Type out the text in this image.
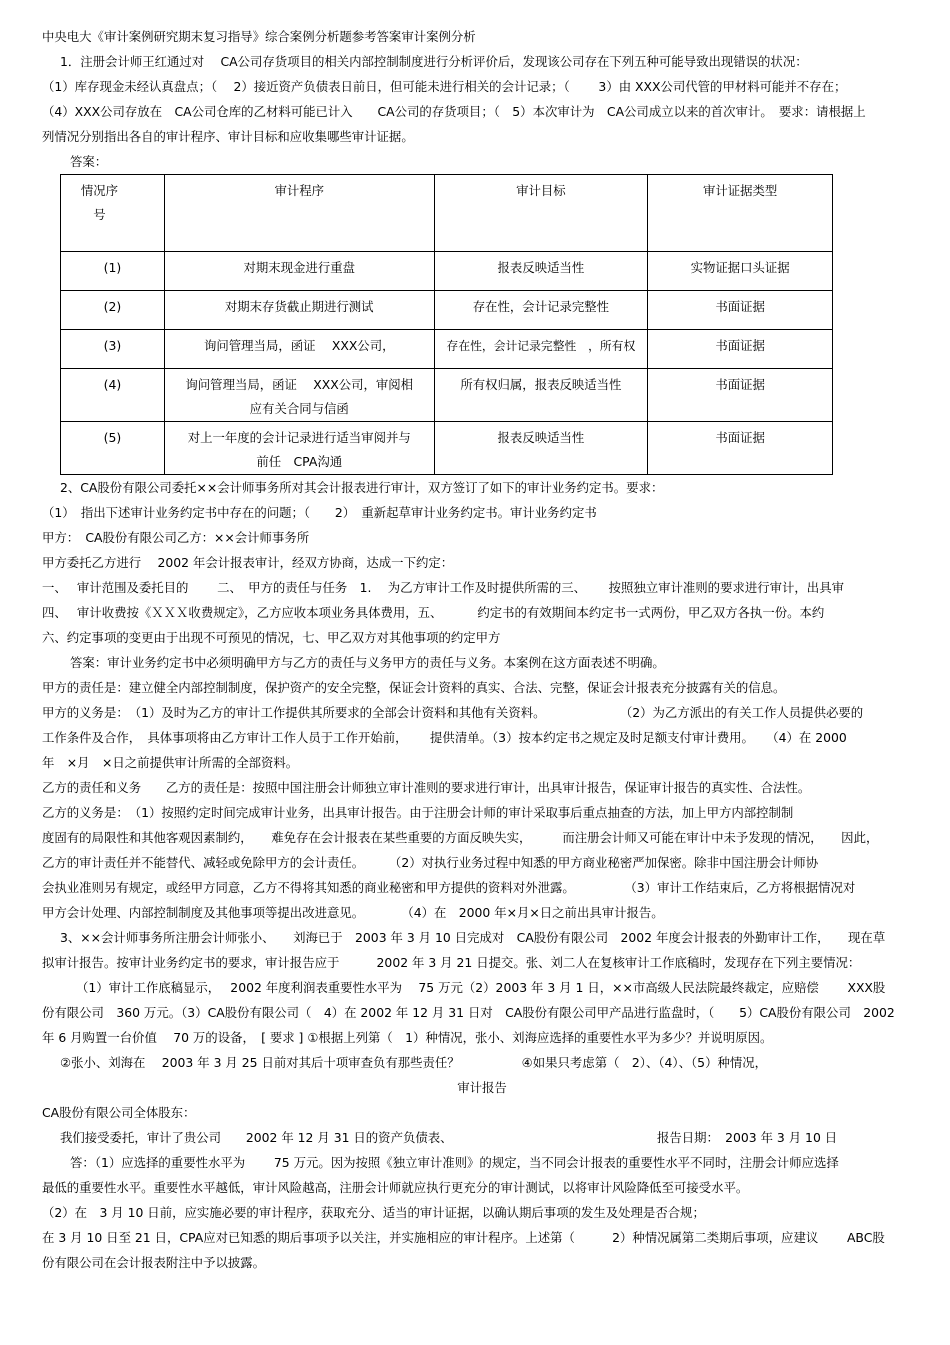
中央电大《审计案例研究期末复习指导》综合案例分析题参考答案审计案例分析

1．注册会计师王红通过对　 CA公司存货项目的相关内部控制制度进行分析评价后，发现该公司存在下列五种可能导致出现错误的状况：

（1）库存现金未经认真盘点；（　 2）接近资产负债表日前日，但可能未进行相关的会计记录；（　　 3）由 XXX公司代管的甲材料可能并不存在；

（4）XXX公司存放在　CA公司仓库的乙材料可能已计入　　CA公司的存货项目；（　5）本次审计为　CA公司成立以来的首次审计。　要求：请根据上

列情况分别指出各自的审计程序、审计目标和应收集哪些审计证据。

答案：

情况序号	审计程序	审计目标	审计证据类型
(1)	对期末现金进行重盘	报表反映适当性	实物证据口头证据
(2)	对期末存货截止期进行测试	存在性，会计记录完整性	书面证据
(3)	询问管理当局，函证　 XXX公司，	存在性，会计记录完整性　，所有权	书面证据
(4)	询问管理当局，函证　 XXX公司，审阅相应有关合同与信函	所有权归属，报表反映适当性	书面证据
(5)	对上一年度的会计记录进行适当审阅并与前任　CPA沟通	报表反映适当性	书面证据

2、CA股份有限公司委托××会计师事务所对其会计报表进行审计，双方签订了如下的审计业务约定书。要求：

（1）　指出下述审计业务约定书中存在的问题；（　　2）　重新起草审计业务约定书。审计业务约定书

甲方：　CA股份有限公司乙方：××会计师事务所

甲方委托乙方进行　 2002 年会计报表审计，经双方协商，达成一下约定：

一、　 审计范围及委托目的　　 二、　甲方的责任与任务　1.　 为乙方审计工作及时提供所需的三、　　 按照独立审计准则的要求进行审计，出具审

四、　 审计收费按《ＸＸＸ收费规定》，乙方应收本项业务具体费用，五、　　　 约定书的有效期间本约定书一式两份，甲乙双方各执一份。本约

六、约定事项的变更由于出现不可预见的情况，七、甲乙双方对其他事项的约定甲方

答案：审计业务约定书中必须明确甲方与乙方的责任与义务甲方的责任与义务。本案例在这方面表述不明确。

甲方的责任是：建立健全内部控制制度，保护资产的安全完整，保证会计资料的真实、合法、完整，保证会计报表充分披露有关的信息。

甲方的义务是：　（1）及时为乙方的审计工作提供其所要求的全部会计资料和其他有关资料。　　　　　　　（2）为乙方派出的有关工作人员提供必要的

工作条件及合作，　具体事项将由乙方审计工作人员于工作开始前，　　 提供清单。（3）按本约定书之规定及时足额支付审计费用。　　（4）在 2000

年　×月　×日之前提供审计所需的全部资料。

乙方的责任和义务　　乙方的责任是：按照中国注册会计师独立审计准则的要求进行审计，出具审计报告，保证审计报告的真实性、合法性。

乙方的义务是：　（1）按照约定时间完成审计业务，出具审计报告。由于注册会计师的审计采取事后重点抽查的方法，加上甲方内部控制制

度固有的局限性和其他客观因素制约，　　难免存在会计报表在某些重要的方面反映失实，　　　而注册会计师又可能在审计中未予发现的情况，　　因此，

乙方的审计责任并不能替代、减轻或免除甲方的会计责任。　　　（2）对执行业务过程中知悉的甲方商业秘密严加保密。除非中国注册会计师协

会执业准则另有规定，或经甲方同意，乙方不得将其知悉的商业秘密和甲方提供的资料对外泄露。　　　　　（3）审计工作结束后，乙方将根据情况对

甲方会计处理、内部控制制度及其他事项等提出改进意见。　　　　（4）在　2000 年×月×日之前出具审计报告。

3、××会计师事务所注册会计师张小、　　刘海已于　2003 年 3 月 10 日完成对　CA股份有限公司　2002 年度会计报表的外勤审计工作，　　现在草

拟审计报告。按审计业务约定书的要求，审计报告应于　　　2002 年 3 月 21 日提交。张、刘二人在复核审计工作底稿时，发现存在下列主要情况：

（1）审计工作底稿显示，　 2002 年度利润表重要性水平为　 75 万元（2）2003 年 3 月 1 日，××市高级人民法院最终裁定，应赔偿　　 XXX股

份有限公司　360 万元。（3）CA股份有限公司（　4）在 2002 年 12 月 31 日对　CA股份有限公司甲产品进行监盘时，（　　5）CA股份有限公司　2002

年 6 月购置一台价值　 70 万的设备，　[ 要求 ] ①根据上列第（　1）种情况，张小、刘海应选择的重要性水平为多少？并说明原因。

②张小、刘海在　 2003 年 3 月 25 日前对其后十项审查负有那些责任？　　　　　④如果只考虑第（　2）、（4）、（5）种情况，

审计报告

CA股份有限公司全体股东：

我们接受委托，审计了贵公司　　2002 年 12 月 31 日的资产负债表、　　　　　　　　　　　　　　　　　报告日期：　2003 年 3 月 10 日

答：（1）应选择的重要性水平为　　 75 万元。因为按照《独立审计准则》的规定，当不同会计报表的重要性水平不同时，注册会计师应选择

最低的重要性水平。重要性水平越低，审计风险越高，注册会计师就应执行更充分的审计测试，以将审计风险降低至可接受水平。

（2）在　3 月 10 日前，应实施必要的审计程序，获取充分、适当的审计证据，以确认期后事项的发生及处理是否合规；

在 3 月 10 日至 21 日，CPA应对已知悉的期后事项予以关注，并实施相应的审计程序。上述第（　　　2）种情况属第二类期后事项，应建议　　 ABC股

份有限公司在会计报表附注中予以披露。
